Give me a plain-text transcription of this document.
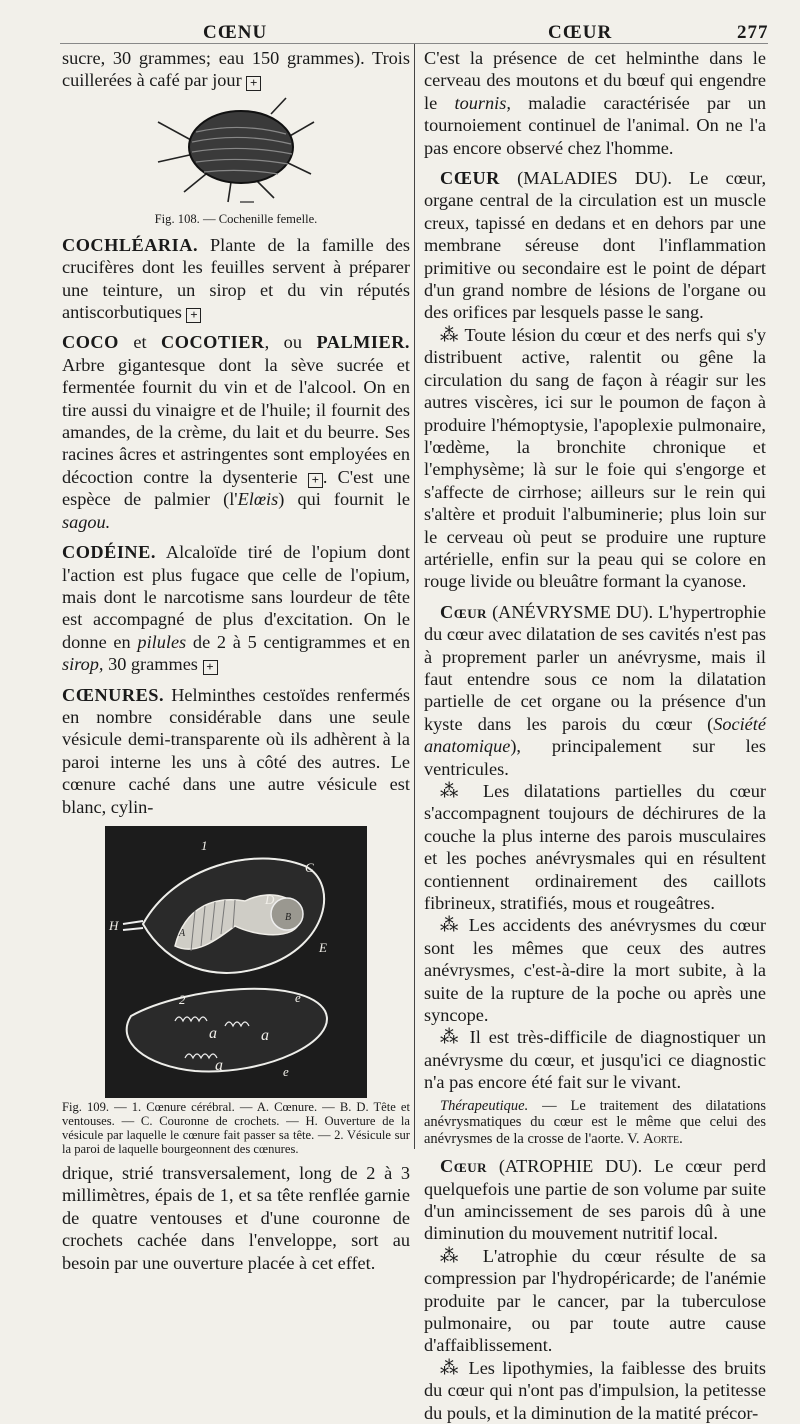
CŒNU	CŒUR	277

sucre, 30 grammes; eau 150 grammes). Trois cuillerées à café par jour +

Fig. 108. — Cochenille femelle.

COCHLÉARIA. Plante de la famille des crucifères dont les feuilles servent à préparer une teinture, un sirop et du vin réputés antiscorbutiques +

COCO et COCOTIER, ou PALMIER. Arbre gigantesque dont la sève sucrée et fermentée fournit du vin et de l'alcool. On en tire aussi du vinaigre et de l'huile; il fournit des amandes, de la crème, du lait et du beurre. Ses racines âcres et astringentes sont employées en décoction contre la dysenterie + . C'est une espèce de palmier (l'Elœis) qui fournit le sagou.

CODÉINE. Alcaloïde tiré de l'opium dont l'action est plus fugace que celle de l'opium, mais dont le narcotisme sans lourdeur de tête est accompagné de plus d'excitation. On le donne en pilules de 2 à 5 centigrammes et en sirop, 30 grammes +

CŒNURES. Helminthes cestoïdes renfermés en nombre considérable dans une seule vésicule demi-transparente où ils adhèrent à la paroi interne les uns à côté des autres. Le cœnure caché dans une autre vésicule est blanc, cylin-

1
C
D
B
H
A
E
2
a	a
a
e
e
Fig. 109. — 1. Cœnure cérébral. — A. Cœnure. — B. D. Tête et ventouses. — C. Couronne de crochets. — H. Ouverture de la vésicule par laquelle le cœnure fait passer sa tête. — 2. Vésicule sur la paroi de laquelle bourgeonnent des cœnures.

drique, strié transversalement, long de 2 à 3 millimètres, épais de 1, et sa tête renflée garnie de quatre ventouses et d'une couronne de crochets cachée dans l'enveloppe, sort au besoin par une ouverture placée à cet effet.

C'est la présence de cet helminthe dans le cerveau des moutons et du bœuf qui engendre le tournis, maladie caractérisée par un tournoiement continuel de l'animal. On ne l'a pas encore observé chez l'homme.

CŒUR (MALADIES DU). Le cœur, organe central de la circulation est un muscle creux, tapissé en dedans et en dehors par une membrane séreuse dont l'inflammation primitive ou secondaire est le point de départ d'un grand nombre de lésions de l'organe ou des orifices par lesquels passe le sang.

⁂ Toute lésion du cœur et des nerfs qui s'y distribuent active, ralentit ou gêne la circulation du sang de façon à réagir sur les autres viscères, ici sur le poumon de façon à produire l'hémoptysie, l'apoplexie pulmonaire, l'œdème, la bronchite chronique et l'emphysème; là sur le foie qui s'engorge et s'affecte de cirrhose; ailleurs sur le rein qui s'altère et produit l'albuminerie; plus loin sur le cerveau où peut se produire une rupture artérielle, enfin sur la peau qui se colore en rouge livide ou bleuâtre formant la cyanose.

Cœur (ANÉVRYSME DU). L'hypertrophie du cœur avec dilatation de ses cavités n'est pas à proprement parler un anévrysme, mais il faut entendre sous ce nom la dilatation partielle de cet organe ou la présence d'un kyste dans les parois du cœur (Société anatomique), principalement sur les ventricules.

⁂ Les dilatations partielles du cœur s'accompagnent toujours de déchirures de la couche la plus interne des parois musculaires et les poches anévrysmales qui en résultent contiennent ordinairement des caillots fibrineux, stratifiés, mous et rougeâtres.

⁂ Les accidents des anévrysmes du cœur sont les mêmes que ceux des autres anévrysmes, c'est-à-dire la mort subite, à la suite de la rupture de la poche ou après une syncope.

⁂ Il est très-difficile de diagnostiquer un anévrysme du cœur, et jusqu'ici ce diagnostic n'a pas encore été fait sur le vivant.

Thérapeutique. — Le traitement des dilatations anévrysmatiques du cœur est le même que celui des anévrysmes de la crosse de l'aorte. V. Aorte.

Cœur (ATROPHIE DU). Le cœur perd quelquefois une partie de son volume par suite d'un amincissement de ses parois dû à une diminution du mouvement nutritif local.

⁂ L'atrophie du cœur résulte de sa compression par l'hydropéricarde; de l'anémie produite par le cancer, par la tuberculose pulmonaire, ou par toute autre cause d'affaiblissement.

⁂ Les lipothymies, la faiblesse des bruits du cœur qui n'ont pas d'impulsion, la petitesse du pouls, et la diminution de la matité précor-
